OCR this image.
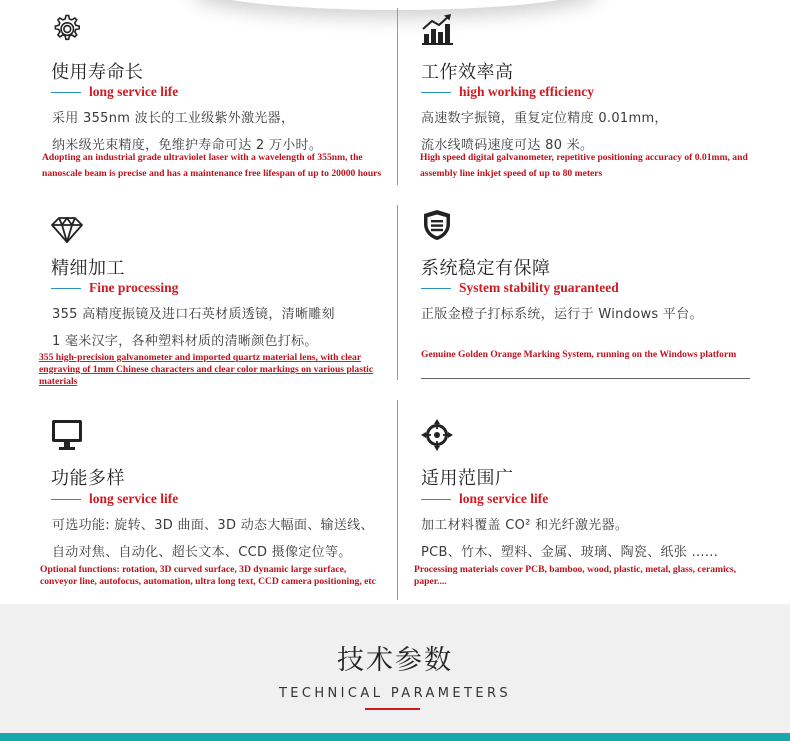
使用寿命长
long service life
采用 355nm 波长的工业级紫外激光器，
纳米级光束精度，免维护寿命可达 2 万小时。
Adopting an industrial grade ultraviolet laser with a wavelength of 355nm, the nanoscale beam is precise and has a maintenance free lifespan of up to 20000 hours
工作效率高
high working efficiency
高速数字振镜，重复定位精度 0.01mm，
流水线喷码速度可达 80 米。
High speed digital galvanometer, repetitive positioning accuracy of 0.01mm, and assembly line inkjet speed of up to 80 meters
精细加工
Fine processing
355 高精度振镜及进口石英材质透镜，清晰雕刻
1 毫米汉字，各种塑料材质的清晰颜色打标。
355 high-precision galvanometer and imported quartz material lens, with clear engraving of 1mm Chinese characters and clear color markings on various plastic materials
系统稳定有保障
System stability guaranteed
正版金橙子打标系统，运行于 Windows 平台。
Genuine Golden Orange Marking System, running on the Windows platform
功能多样
long service life
可选功能: 旋转、3D 曲面、3D 动态大幅面、输送线、
自动对焦、自动化、超长文本、CCD 摄像定位等。
Optional functions: rotation, 3D curved surface, 3D dynamic large surface, conveyor line, autofocus, automation, ultra long text, CCD camera positioning, etc
适用范围广
long service life
加工材料覆盖 CO² 和光纤激光器。
PCB、竹木、塑料、金属、玻璃、陶瓷、纸张 ......
Processing materials cover PCB, bamboo, wood, plastic, metal, glass, ceramics, paper....
技术参数
TECHNICAL PARAMETERS
